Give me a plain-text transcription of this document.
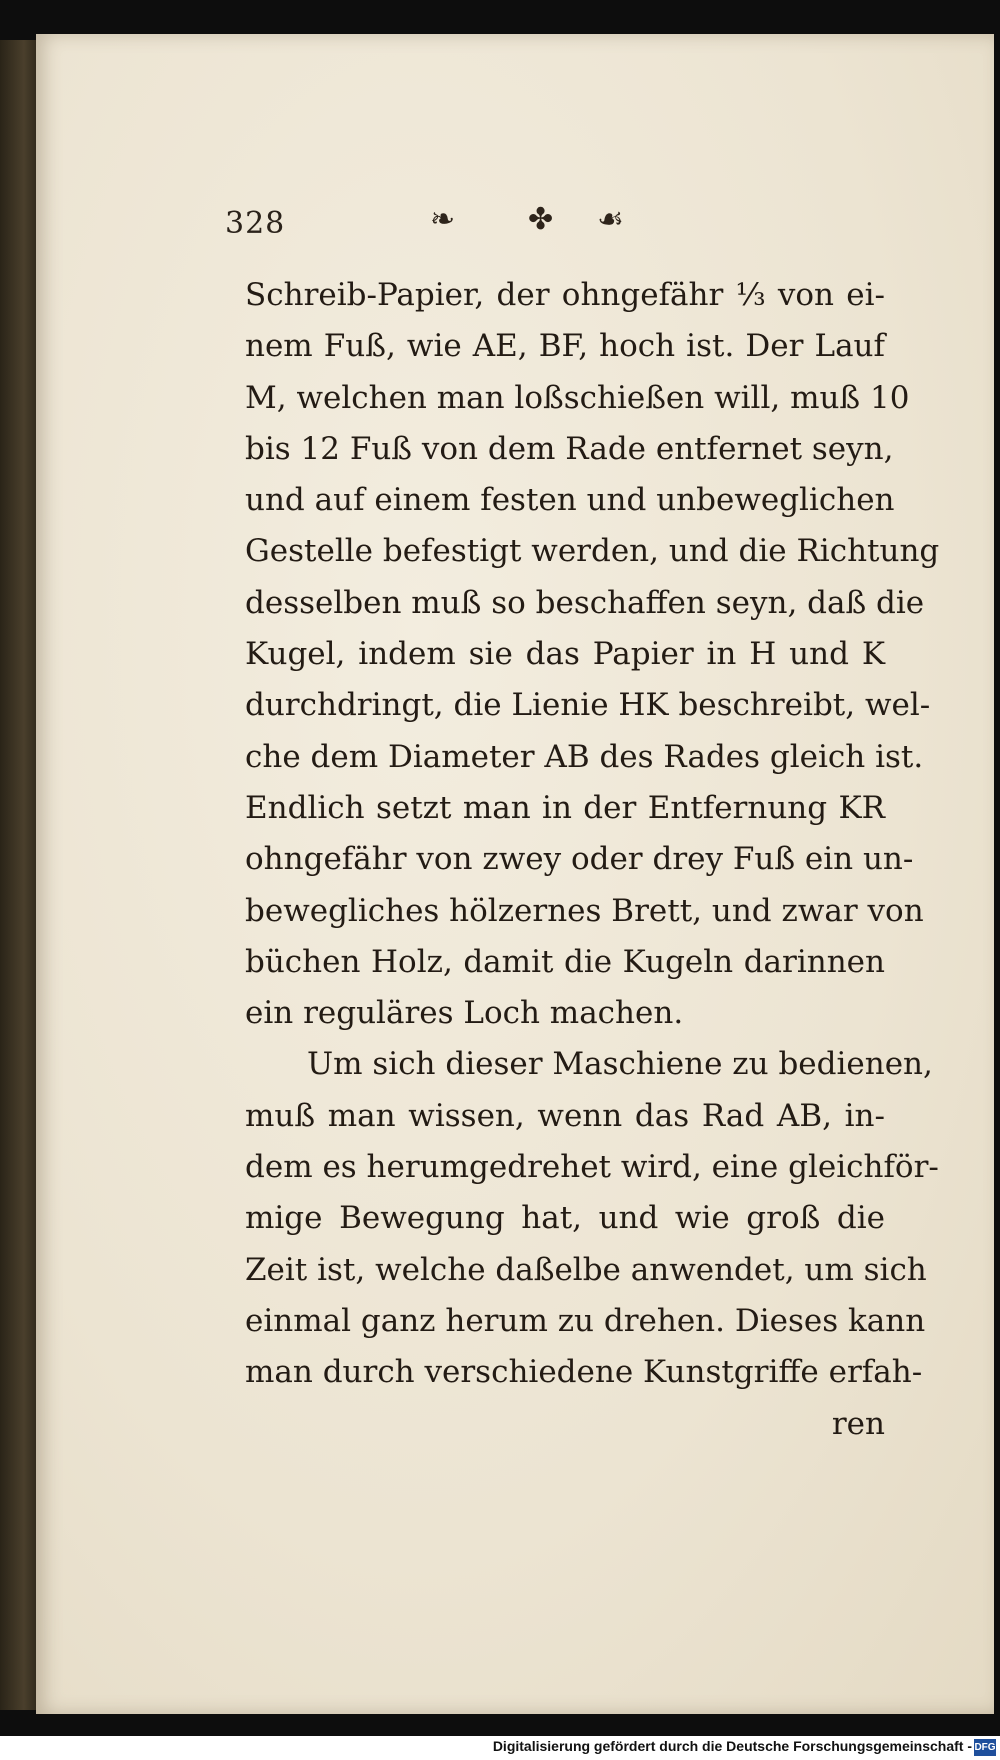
328	❧ ✤ ☙
Schreib-Papier, der ohngefähr ⅓ von ei-
nem Fuß, wie AE, BF, hoch ist. Der Lauf
M, welchen man loßschießen will, muß 10
bis 12 Fuß von dem Rade entfernet seyn,
und auf einem festen und unbeweglichen
Gestelle befestigt werden, und die Richtung
desselben muß so beschaffen seyn, daß die
Kugel, indem sie das Papier in H und K
durchdringt, die Lienie HK beschreibt, wel-
che dem Diameter AB des Rades gleich ist.
Endlich setzt man in der Entfernung KR
ohngefähr von zwey oder drey Fuß ein un-
bewegliches hölzernes Brett, und zwar von
büchen Holz, damit die Kugeln darinnen
ein reguläres Loch machen.
Um sich dieser Maschiene zu bedienen,
muß man wissen, wenn das Rad AB, in-
dem es herumgedrehet wird, eine gleichför-
mige Bewegung hat, und wie groß die
Zeit ist, welche daßelbe anwendet, um sich
einmal ganz herum zu drehen. Dieses kann
man durch verschiedene Kunstgriffe erfah-
ren
Digitalisierung gefördert durch die Deutsche Forschungsgemeinschaft - DFG
